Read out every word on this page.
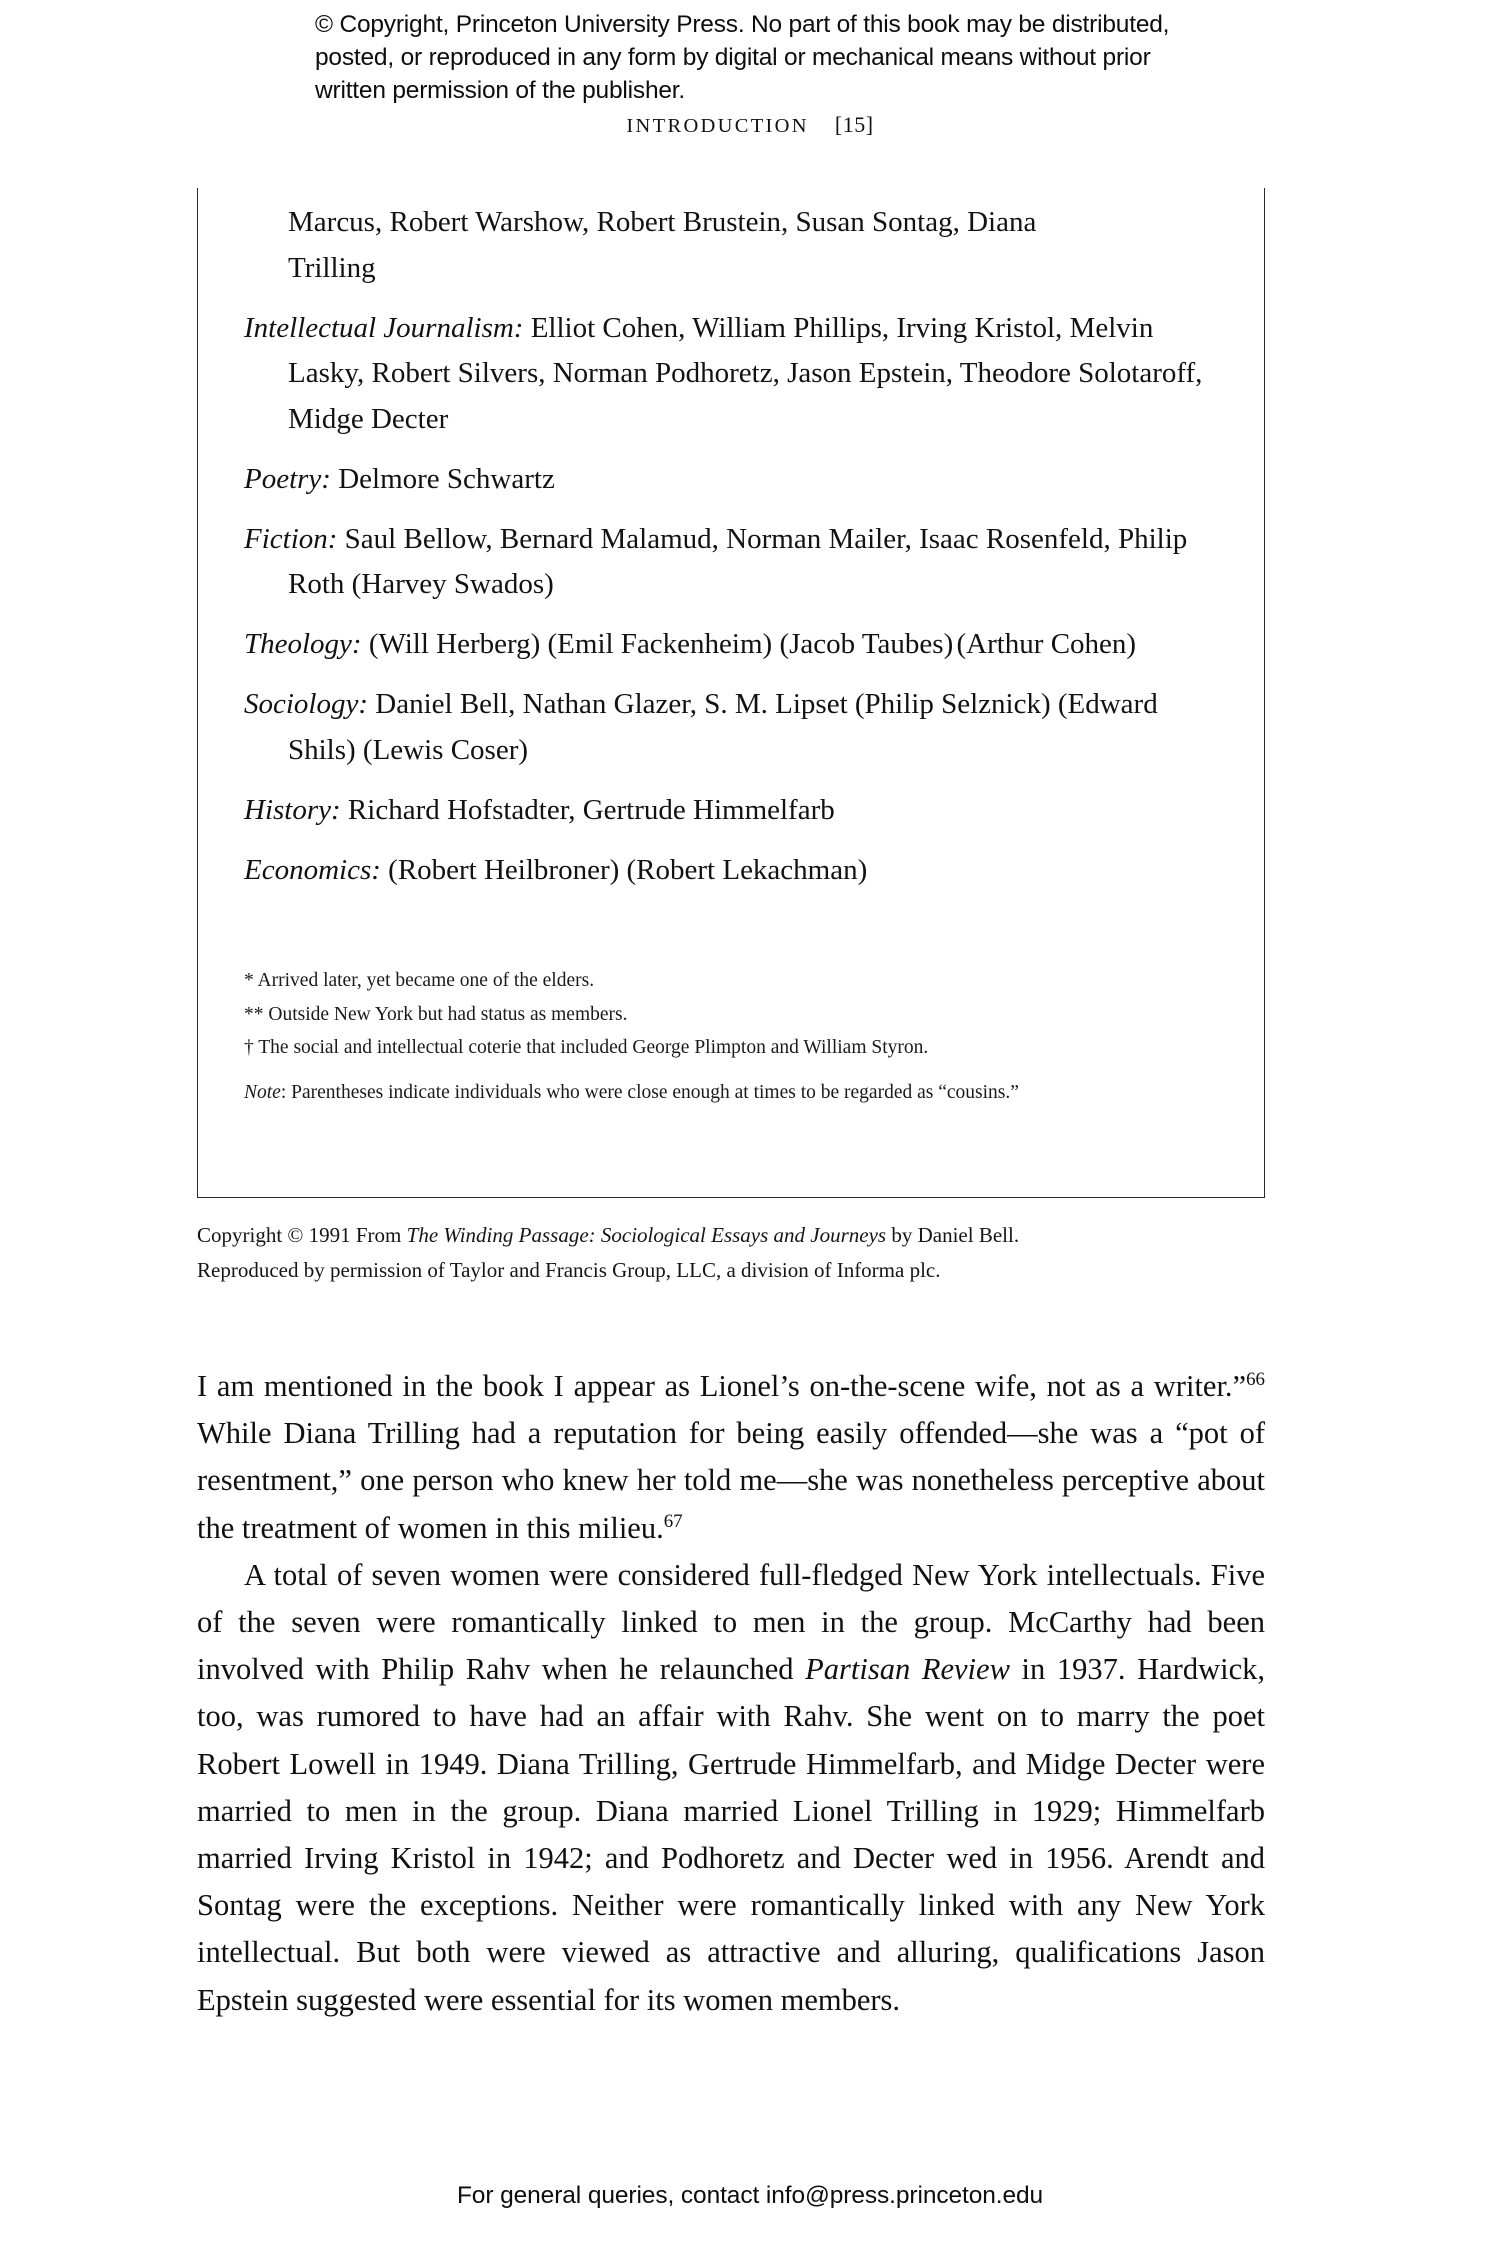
© Copyright, Princeton University Press. No part of this book may be distributed, posted, or reproduced in any form by digital or mechanical means without prior written permission of the publisher.
INTRODUCTION [15]
Marcus, Robert Warshow, Robert Brustein, Susan Sontag, Diana Trilling
Intellectual Journalism: Elliot Cohen, William Phillips, Irving Kristol, Melvin Lasky, Robert Silvers, Norman Podhoretz, Jason Epstein, Theodore Solotaroff, Midge Decter
Poetry: Delmore Schwartz
Fiction: Saul Bellow, Bernard Malamud, Norman Mailer, Isaac Rosenfeld, Philip Roth (Harvey Swados)
Theology: (Will Herberg) (Emil Fackenheim) (Jacob Taubes) (Arthur Cohen)
Sociology: Daniel Bell, Nathan Glazer, S. M. Lipset (Philip Selznick) (Edward Shils) (Lewis Coser)
History: Richard Hofstadter, Gertrude Himmelfarb
Economics: (Robert Heilbroner) (Robert Lekachman)
* Arrived later, yet became one of the elders.
** Outside New York but had status as members.
† The social and intellectual coterie that included George Plimpton and William Styron.
Note: Parentheses indicate individuals who were close enough at times to be regarded as “cousins.”
Copyright © 1991 From The Winding Passage: Sociological Essays and Journeys by Daniel Bell.
Reproduced by permission of Taylor and Francis Group, LLC, a division of Informa plc.

I am mentioned in the book I appear as Lionel’s on-the-scene wife, not as a writer.”$^{66}$ While Diana Trilling had a reputation for being easily offended—she was a “pot of resentment,” one person who knew her told me—she was nonetheless perceptive about the treatment of women in this milieu.$^{67}$

A total of seven women were considered full-fledged New York intellectuals. Five of the seven were romantically linked to men in the group. McCarthy had been involved with Philip Rahv when he relaunched Partisan Review in 1937. Hardwick, too, was rumored to have had an affair with Rahv. She went on to marry the poet Robert Lowell in 1949. Diana Trilling, Gertrude Himmelfarb, and Midge Decter were married to men in the group. Diana married Lionel Trilling in 1929; Himmelfarb married Irving Kristol in 1942; and Podhoretz and Decter wed in 1956. Arendt and Sontag were the exceptions. Neither were romantically linked with any New York intellectual. But both were viewed as attractive and alluring, qualifications Jason Epstein suggested were essential for its women members.

For general queries, contact info@press.princeton.edu
